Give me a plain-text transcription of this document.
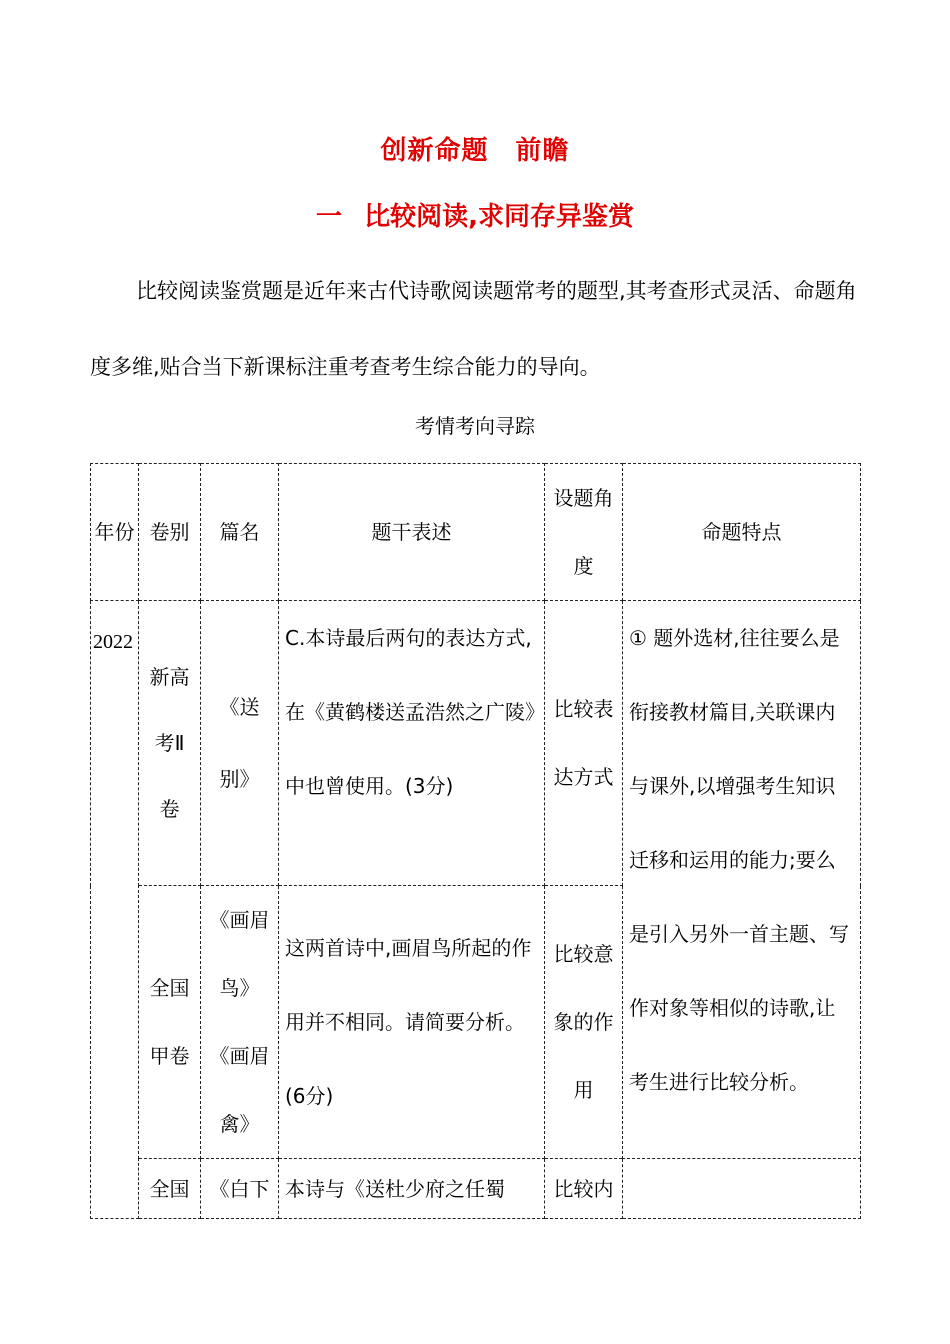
创新命题　前瞻
一 比较阅读,求同存异鉴赏
比较阅读鉴赏题是近年来古代诗歌阅读题常考的题型,其考查形式灵活、命题角度多维,贴合当下新课标注重考查考生综合能力的导向。
考情考向寻踪
年份	卷别	篇名	题干表述	设题角度	命题特点
2022	新高考Ⅱ卷	《送别》	C.本诗最后两句的表达方式,在《黄鹤楼送孟浩然之广陵》中也曾使用。(3分)	比较表达方式	① 题外选材,往往要么是衔接教材篇目,关联课内与课外,以增强考生知识迁移和运用的能力;要么是引入另外一首主题、写作对象等相似的诗歌,让考生进行比较分析。
	全国甲卷	《画眉鸟》《画眉禽》	这两首诗中,画眉鸟所起的作用并不相同。请简要分析。(6分)	比较意象的作用	
	全国	《白下	本诗与《送杜少府之任蜀	比较内	
